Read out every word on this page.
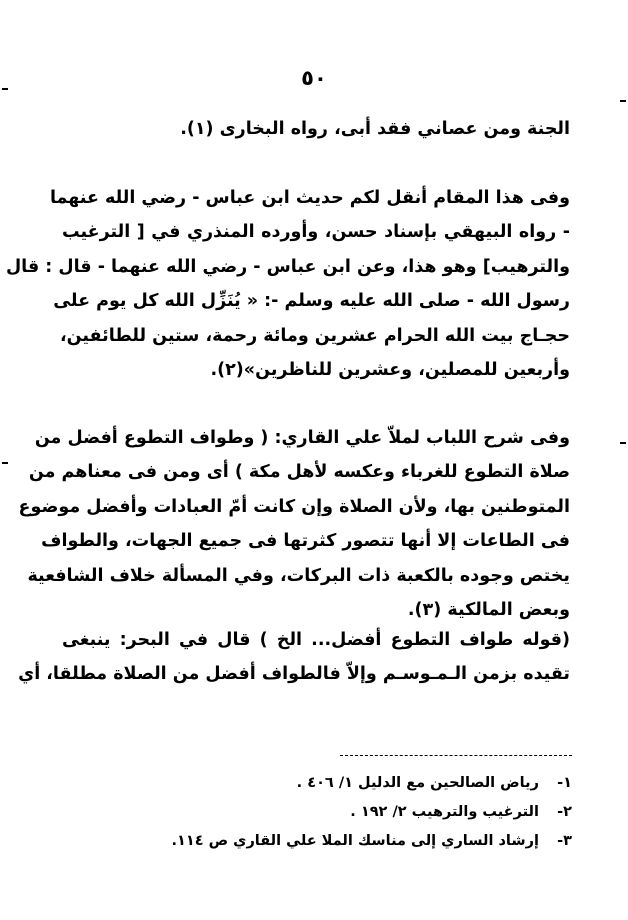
٥٠
الجنة ومن عصاني فقد أبى، رواه البخارى (١).
وفى هذا المقام أنقل لكم حديث ابن عباس - رضي الله عنهما
- رواه البيهقي بإسناد حسن، وأورده المنذري في [ الترغيب
والترهيب] وهو هذا، وعن ابن عباس - رضي الله عنهما - قال : قال
رسول الله - صلى الله عليه وسلم -: « يُنَزِّل الله كل يوم على
حجـاج بيت الله الحرام عشرين ومائة رحمة، ستين للطائفين،
وأربعين للمصلين، وعشرين للناظرين»(٢).
وفى شرح اللباب لملاّ علي القاري: ( وطواف التطوع أفضل من
صلاة التطوع للغرباء وعكسه لأهل مكة ) أى ومن فى معناهم من
المتوطنين بها، ولأن الصلاة وإن كانت أمّ العبادات وأفضل موضوع
فى الطاعات إلا أنها تتصور كثرتها فى جميع الجهات، والطواف
يختص وجوده بالكعبة ذات البركات، وفي المسألة خلاف الشافعية
وبعض المالكية (٣).
(قوله طواف التطوع أفضل... الخ ) قال في البحر: ينبغى
تقيده بزمن الـمـوسـم وإلاّ فالطواف أفضل من الصلاة مطلقا، أي
١- رياض الصالحين مع الدليل ١/ ٤٠٦ .
٢- الترغيب والترهيب ٢/ ١٩٢ .
٣- إرشاد الساري إلى مناسك الملا علي القاري ص ١١٤.
